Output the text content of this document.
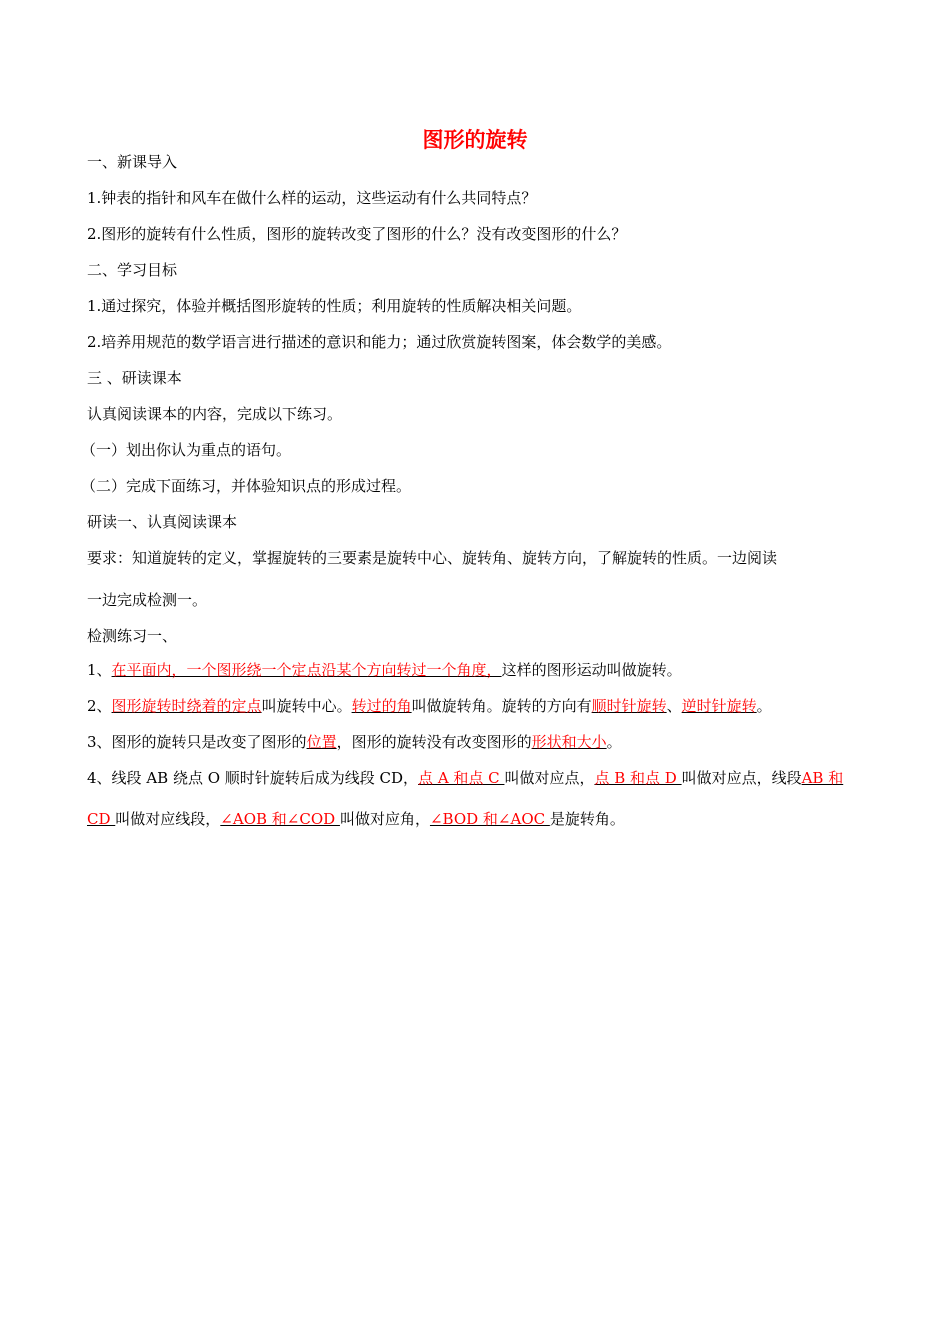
图形的旋转
一、新课导入
1.钟表的指针和风车在做什么样的运动，这些运动有什么共同特点？
2.图形的旋转有什么性质，图形的旋转改变了图形的什么？没有改变图形的什么？
二、学习目标
1.通过探究，体验并概括图形旋转的性质；利用旋转的性质解决相关问题。
2.培养用规范的数学语言进行描述的意识和能力；通过欣赏旋转图案，体会数学的美感。
三 、研读课本
认真阅读课本的内容，完成以下练习。
（一）划出你认为重点的语句。
（二）完成下面练习，并体验知识点的形成过程。
研读一、认真阅读课本
要求：知道旋转的定义，掌握旋转的三要素是旋转中心、旋转角、旋转方向，了解旋转的性质。一边阅读
一边完成检测一。
检测练习一、
1、在平面内，一个图形绕一个定点沿某个方向转过一个角度，这样的图形运动叫做旋转。
2、图形旋转时绕着的定点叫旋转中心。转过的角叫做旋转角。旋转的方向有顺时针旋转、逆时针旋转。
3、图形的旋转只是改变了图形的位置，图形的旋转没有改变图形的形状和大小。
4、线段 AB 绕点 O 顺时针旋转后成为线段 CD，点 A 和点 C 叫做对应点，点 B 和点 D 叫做对应点，线段AB 和
CD 叫做对应线段，∠AOB 和∠COD 叫做对应角，∠BOD 和∠AOC 是旋转角。
